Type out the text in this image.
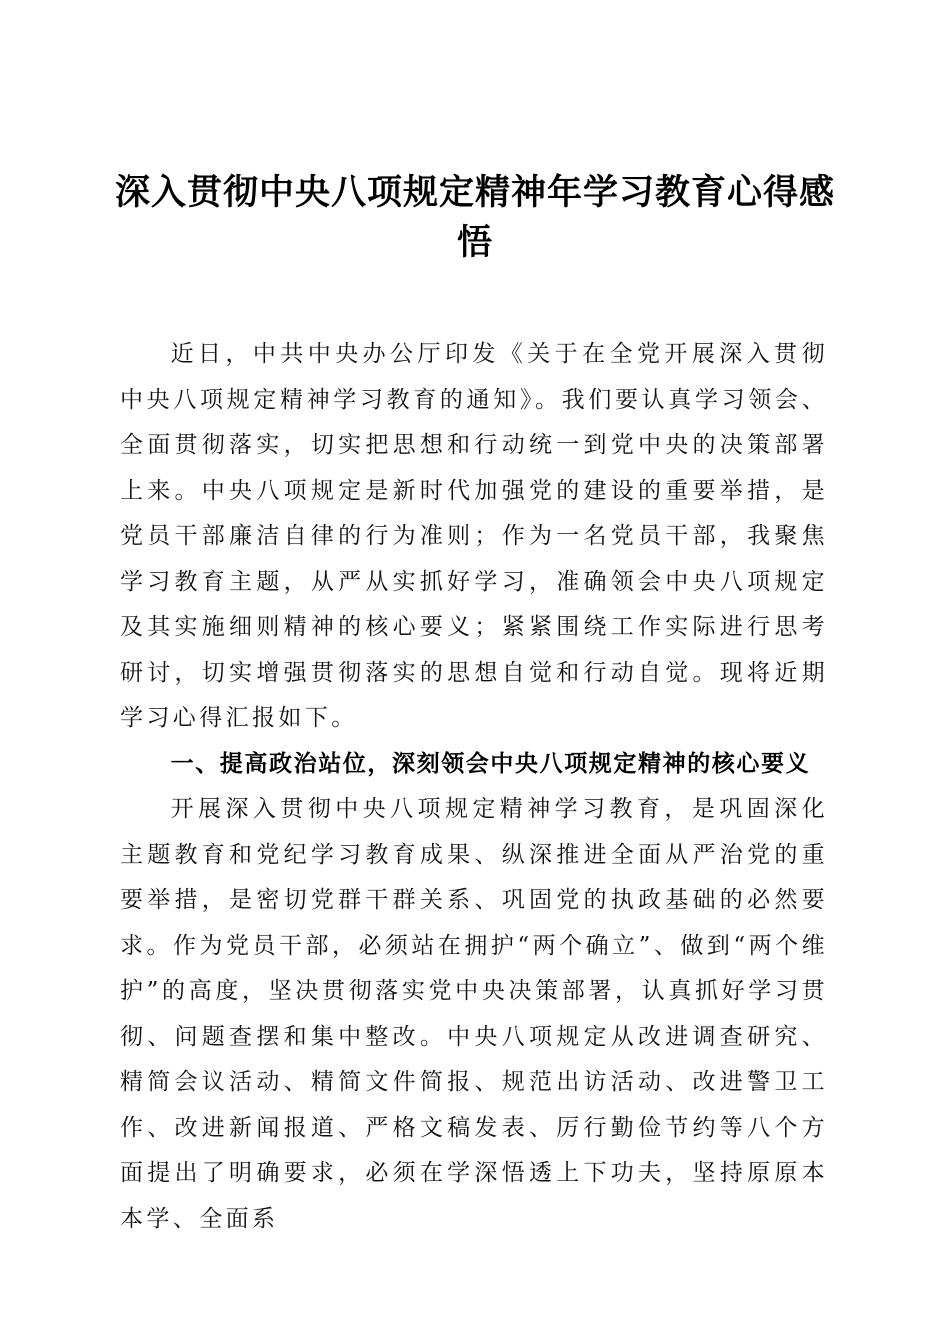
深入贯彻中央八项规定精神年学习教育心得感悟

近日，中共中央办公厅印发《关于在全党开展深入贯彻中央八项规定精神学习教育的通知》。我们要认真学习领会、全面贯彻落实，切实把思想和行动统一到党中央的决策部署上来。中央八项规定是新时代加强党的建设的重要举措，是党员干部廉洁自律的行为准则；作为一名党员干部，我聚焦学习教育主题，从严从实抓好学习，准确领会中央八项规定及其实施细则精神的核心要义；紧紧围绕工作实际进行思考研讨，切实增强贯彻落实的思想自觉和行动自觉。现将近期学习心得汇报如下。

一、提高政治站位，深刻领会中央八项规定精神的核心要义

开展深入贯彻中央八项规定精神学习教育，是巩固深化主题教育和党纪学习教育成果、纵深推进全面从严治党的重要举措，是密切党群干群关系、巩固党的执政基础的必然要求。作为党员干部，必须站在拥护“两个确立”、做到“两个维护”的高度，坚决贯彻落实党中央决策部署，认真抓好学习贯彻、问题查摆和集中整改。中央八项规定从改进调查研究、精简会议活动、精简文件简报、规范出访活动、改进警卫工作、改进新闻报道、严格文稿发表、厉行勤俭节约等八个方面提出了明确要求，必须在学深悟透上下功夫，坚持原原本本学、全面系
